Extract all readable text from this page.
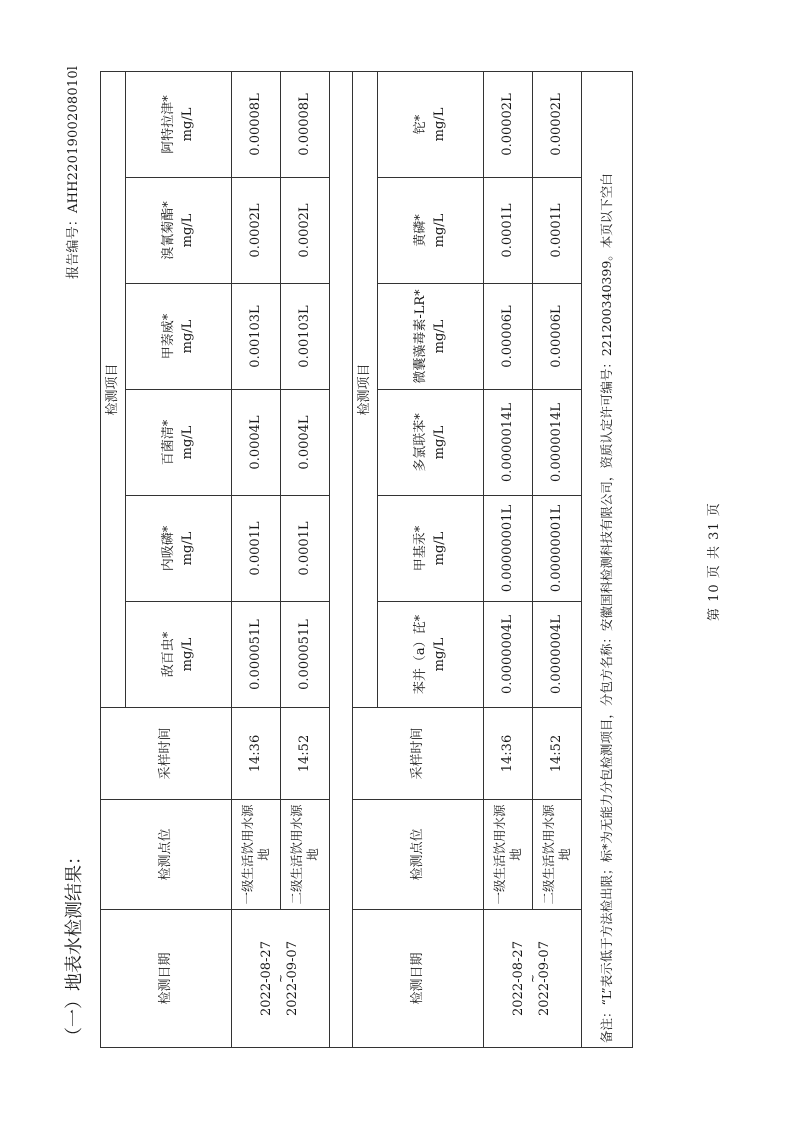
报告编号：AHH2201900208010l
（一）地表水检测结果：	检测日期	检测点位	采样时间	检测项目					
			敌百虫* mg/L	内吸磷* mg/L	百菌清* mg/L	甲萘威* mg/L	溴氰菊酯* mg/L	阿特拉津* mg/L

2022-08-27 ~
2022-09-07	一级生活饮用水源地	14:36	0.000051L	0.0001L	0.0004L	0.00103L	0.0002L	0.00008L
	二级生活饮用水源地	14:52	0.000051L	0.0001L	0.0004L	0.00103L	0.0002L	0.00008L

检测日期	检测点位	采样时间	检测项目					
			苯并（a）芘* mg/L	甲基汞* mg/L	多氯联苯* mg/L	微囊藻毒素-LR* mg/L	黄磷* mg/L	铊* mg/L

2022-08-27 ~
2022-09-07	一级生活饮用水源地	14:36	0.0000004L	0.00000001L	0.0000014L	0.00006L	0.0001L	0.00002L
	二级生活饮用水源地	14:52	0.0000004L	0.00000001L	0.0000014L	0.00006L	0.0001L	0.00002L
备注：“L”表示低于方法检出限；标*为无能力分包检测项目，分包方名称：安徽国科检测科技有限公司，资质认定许可编号：221200340399。本页以下空白									第 10 页 共 31 页
